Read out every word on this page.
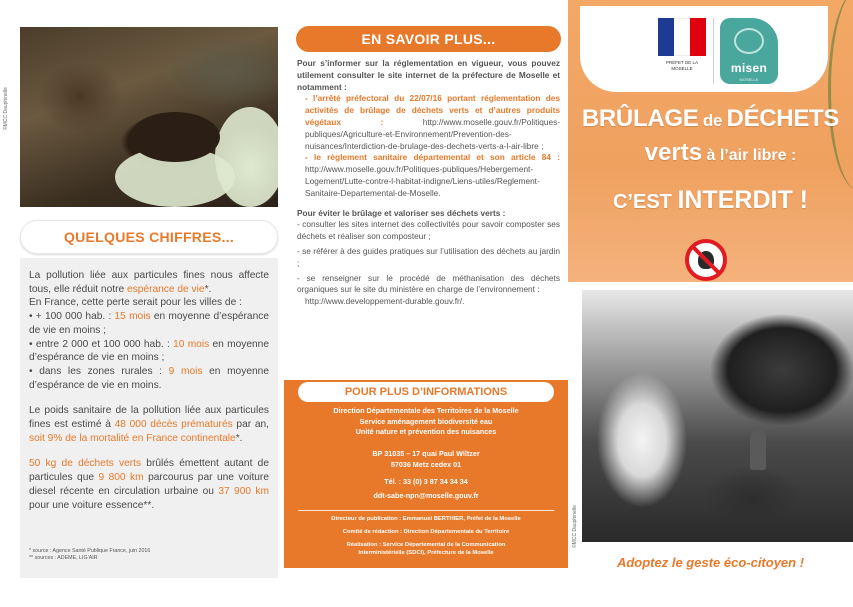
©MCC Dauphinelle
QUELQUES CHIFFRES...

La pollution liée aux particules fines nous affecte tous, elle réduit notre espérance de vie*.

En France, cette perte serait pour les villes de :

• + 100 000 hab. : 15 mois en moyenne d’espérance de vie en moins ;

• entre 2 000 et 100 000 hab. : 10 mois en moyenne d’espérance de vie en moins ;

• dans les zones rurales : 9 mois en moyenne d’espérance de vie en moins.

Le poids sanitaire de la pollution liée aux particules fines est estimé à 48 000 décès prématurés par an, soit 9% de la mortalité en France continentale*.

50 kg de déchets verts brûlés émettent autant de particules que 9 800 km parcourus par une voiture diesel récente en circulation urbaine ou 37 900 km pour une voiture essence**.

* source : Agence Santé Publique France, juin 2016
** sources : ADEME, LIG’AIR
EN SAVOIR PLUS...

Pour s’informer sur la réglementation en vigueur, vous pouvez utilement consulter le site internet de la préfecture de Moselle et notamment :

- l’arrêté préfectoral du 22/07/16 portant réglementation des activités de brûlage de déchets verts et d’autres produits végétaux : http://www.moselle.gouv.fr/Politiques-publiques/Agriculture-et-Environnement/Prevention-des-nuisances/Interdiction-de-brulage-des-dechets-verts-a-l-air-libre ;

- le règlement sanitaire départemental et son article 84 : http://www.moselle.gouv.fr/Politiques-publiques/Hebergement-Logement/Lutte-contre-l-habitat-indigne/Liens-utiles/Reglement-Sanitaire-Departemental-de-Moselle.

Pour éviter le brûlage et valoriser ses déchets verts :

- consulter les sites internet des collectivités pour savoir composter ses déchets et réaliser son composteur ;

- se référer à des guides pratiques sur l’utilisation des déchets au jardin ;

- se renseigner sur le procédé de méthanisation des déchets organiques sur le site du ministère en charge de l’environnement :

http://www.developpement-durable.gouv.fr/.

POUR PLUS D’INFORMATIONS
Direction Départementale des Territoires de la Moselle
Service aménagement biodiversité eau
Unité nature et prévention des nuisances
BP 31035 – 17 quai Paul Wiltzer
57036 Metz cedex 01
Tél. : 33 (0) 3 87 34 34 34
ddt-sabe-npn@moselle.gouv.fr

Directeur de publication : Emmanuel BERTHIER, Préfet de la Moselle

Comité de rédaction : Direction Départementale du Territoire

Réalisation : Service Départemental de la Communication
Interministérielle (SDCI), Préfecture de la Moselle
PRÉFET DE LA MOSELLE	misen
MOSELLE
BRÛLAGE de DÉCHETS
verts à l’air libre :
C’EST INTERDIT !
Adoptez le geste éco-citoyen !
©MCC Dauphinelle
